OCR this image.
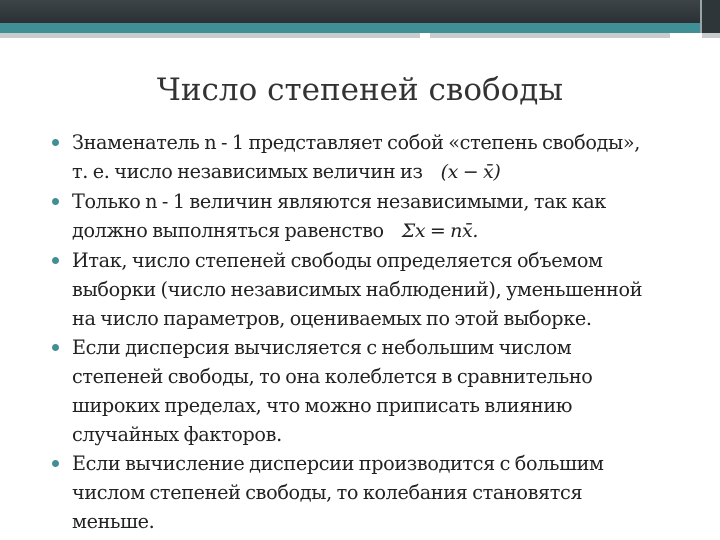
Число степеней свободы
Знаменатель n - 1 представляет собой «степень свободы»,
т. е. число независимых величин из (x − x̄)
Только n - 1 величин являются независимыми, так как
должно выполняться равенство Σx = nx̄.
Итак, число степеней свободы определяется объемом
выборки (число независимых наблюдений), уменьшенной
на число параметров, оцениваемых по этой выборке.
Если дисперсия вычисляется с небольшим числом
степеней свободы, то она колеблется в сравнительно
широких пределах, что можно приписать влиянию
случайных факторов.
Если вычисление дисперсии производится с большим
числом степеней свободы, то колебания становятся
меньше.
